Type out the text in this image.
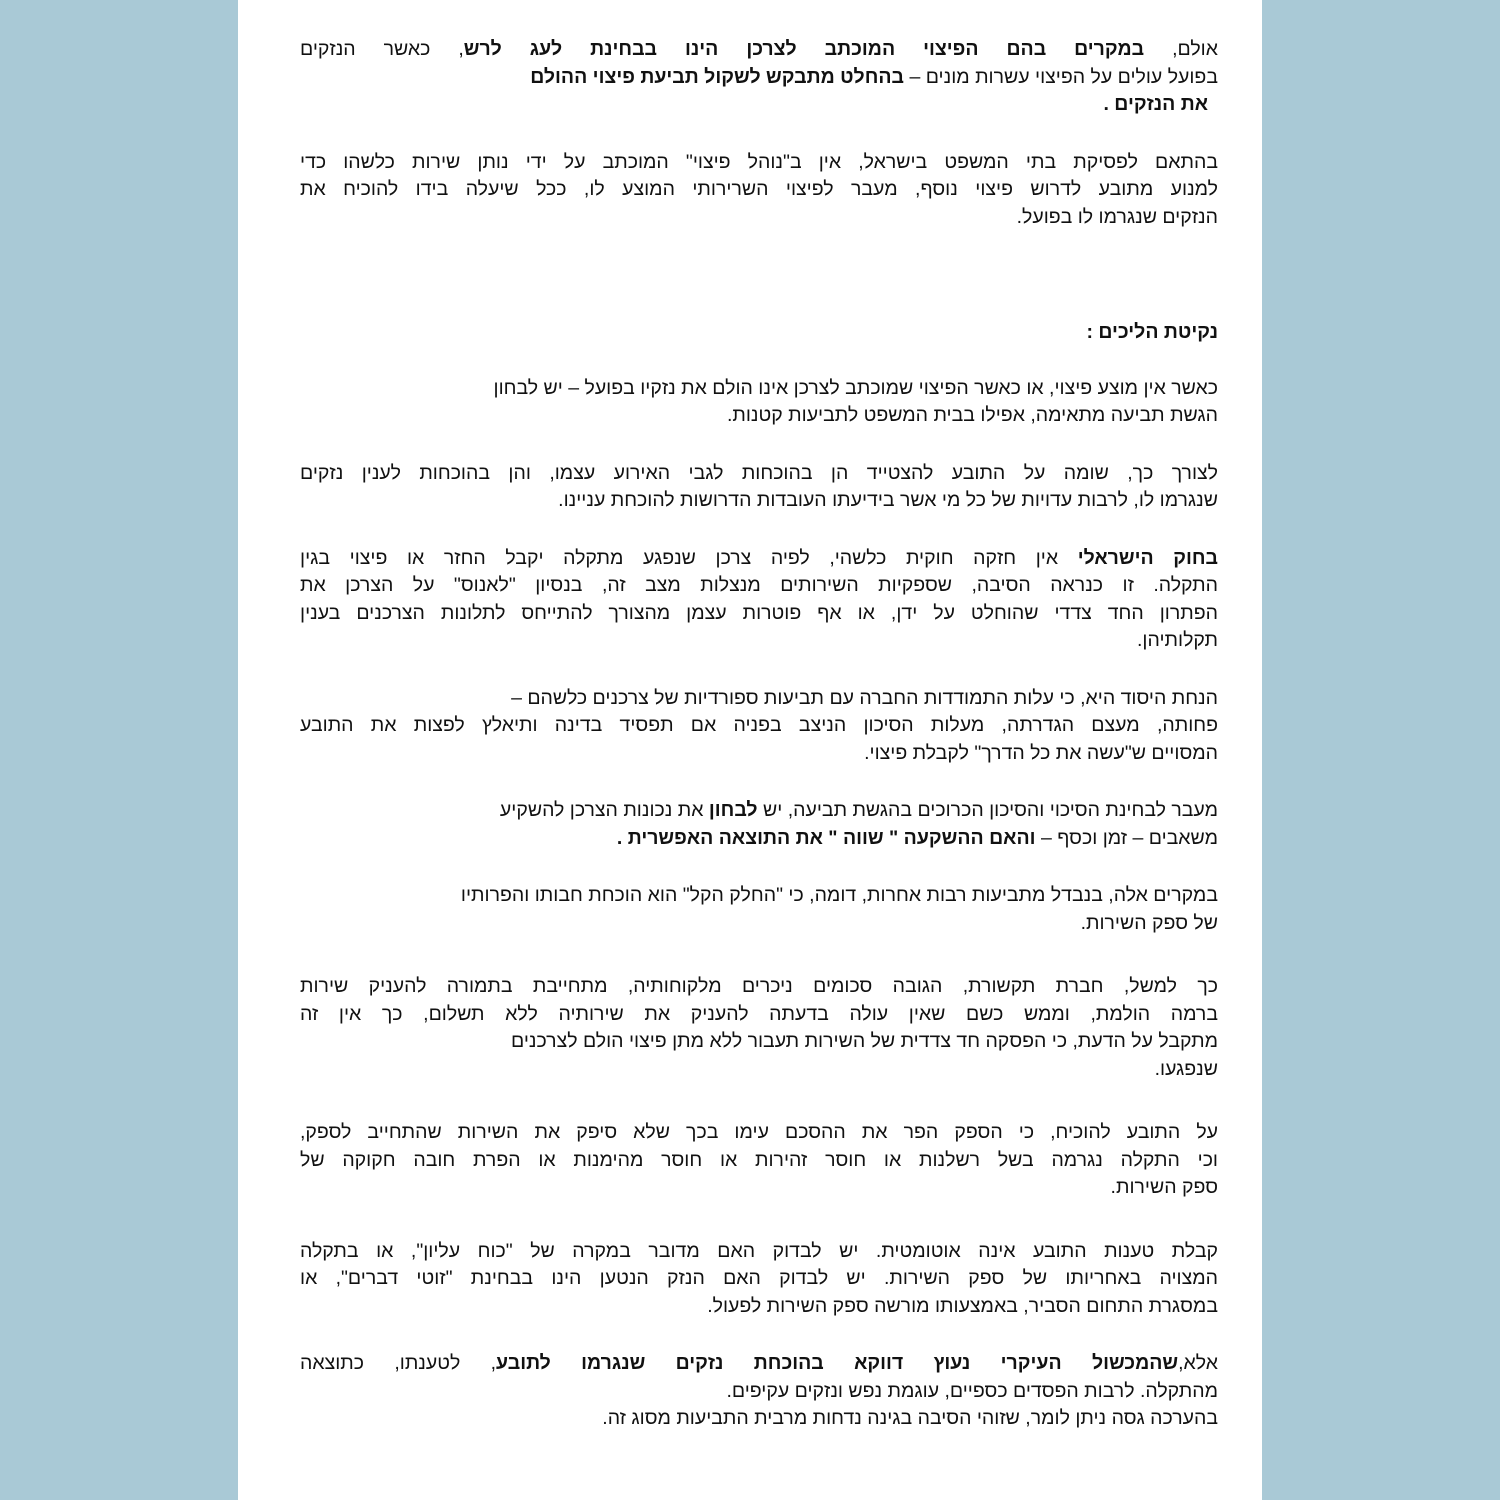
אולם, במקרים בהם הפיצוי המוכתב לצרכן הינו בבחינת לעג לרש, כאשר הנזקים
בפועל עולים על הפיצוי עשרות מונים – בהחלט מתבקש לשקול תביעת פיצוי ההולם
את הנזקים .

בהתאם לפסיקת בתי המשפט בישראל, אין ב"נוהל פיצוי" המוכתב על ידי נותן שירות כלשהו כדי
למנוע מתובע לדרוש פיצוי נוסף, מעבר לפיצוי השרירותי המוצע לו, ככל שיעלה בידו להוכיח את
הנזקים שנגרמו לו בפועל.

נקיטת הליכים :

כאשר אין מוצע פיצוי, או כאשר הפיצוי שמוכתב לצרכן אינו הולם את נזקיו בפועל – יש לבחון
הגשת תביעה מתאימה, אפילו בבית המשפט לתביעות קטנות.

לצורך כך, שומה על התובע להצטייד הן בהוכחות לגבי האירוע עצמו, והן בהוכחות לענין נזקים
שנגרמו לו, לרבות עדויות של כל מי אשר בידיעתו העובדות הדרושות להוכחת עניינו.

בחוק הישראלי אין חזקה חוקית כלשהי, לפיה צרכן שנפגע מתקלה יקבל החזר או פיצוי בגין
התקלה. זו כנראה הסיבה, שספקיות השירותים מנצלות מצב זה, בנסיון "לאנוס" על הצרכן את
הפתרון החד צדדי שהוחלט על ידן, או אף פוטרות עצמן מהצורך להתייחס לתלונות הצרכנים בענין
תקלותיהן.

הנחת היסוד היא, כי עלות התמודדות החברה עם תביעות ספורדיות של צרכנים כלשהם –
פחותה, מעצם הגדרתה, מעלות הסיכון הניצב בפניה אם תפסיד בדינה ותיאלץ לפצות את התובע
המסויים ש"עשה את כל הדרך" לקבלת פיצוי.

מעבר לבחינת הסיכוי והסיכון הכרוכים בהגשת תביעה, יש לבחון את נכונות הצרכן להשקיע
משאבים – זמן וכסף – והאם ההשקעה " שווה " את התוצאה האפשרית .

במקרים אלה, בנבדל מתביעות רבות אחרות, דומה, כי "החלק הקל" הוא הוכחת חבותו והפרותיו
של ספק השירות.

כך למשל, חברת תקשורת, הגובה סכומים ניכרים מלקוחותיה, מתחייבת בתמורה להעניק שירות
ברמה הולמת, וממש כשם שאין עולה בדעתה להעניק את שירותיה ללא תשלום, כך אין זה
מתקבל על הדעת, כי הפסקה חד צדדית של השירות תעבור ללא מתן פיצוי הולם לצרכנים
שנפגעו.

על התובע להוכיח, כי הספק הפר את ההסכם עימו בכך שלא סיפק את השירות שהתחייב לספק,
וכי התקלה נגרמה בשל רשלנות או חוסר זהירות או חוסר מהימנות או הפרת חובה חקוקה של
ספק השירות.

קבלת טענות התובע אינה אוטומטית. יש לבדוק האם מדובר במקרה של "כוח עליון", או בתקלה
המצויה באחריותו של ספק השירות. יש לבדוק האם הנזק הנטען הינו בבחינת "זוטי דברים", או
במסגרת התחום הסביר, באמצעותו מורשה ספק השירות לפעול.

אלא,שהמכשול העיקרי נעוץ דווקא בהוכחת נזקים שנגרמו לתובע, לטענתו, כתוצאה
מהתקלה. לרבות הפסדים כספיים, עוגמת נפש ונזקים עקיפים.
בהערכה גסה ניתן לומר, שזוהי הסיבה בגינה נדחות מרבית התביעות מסוג זה.
